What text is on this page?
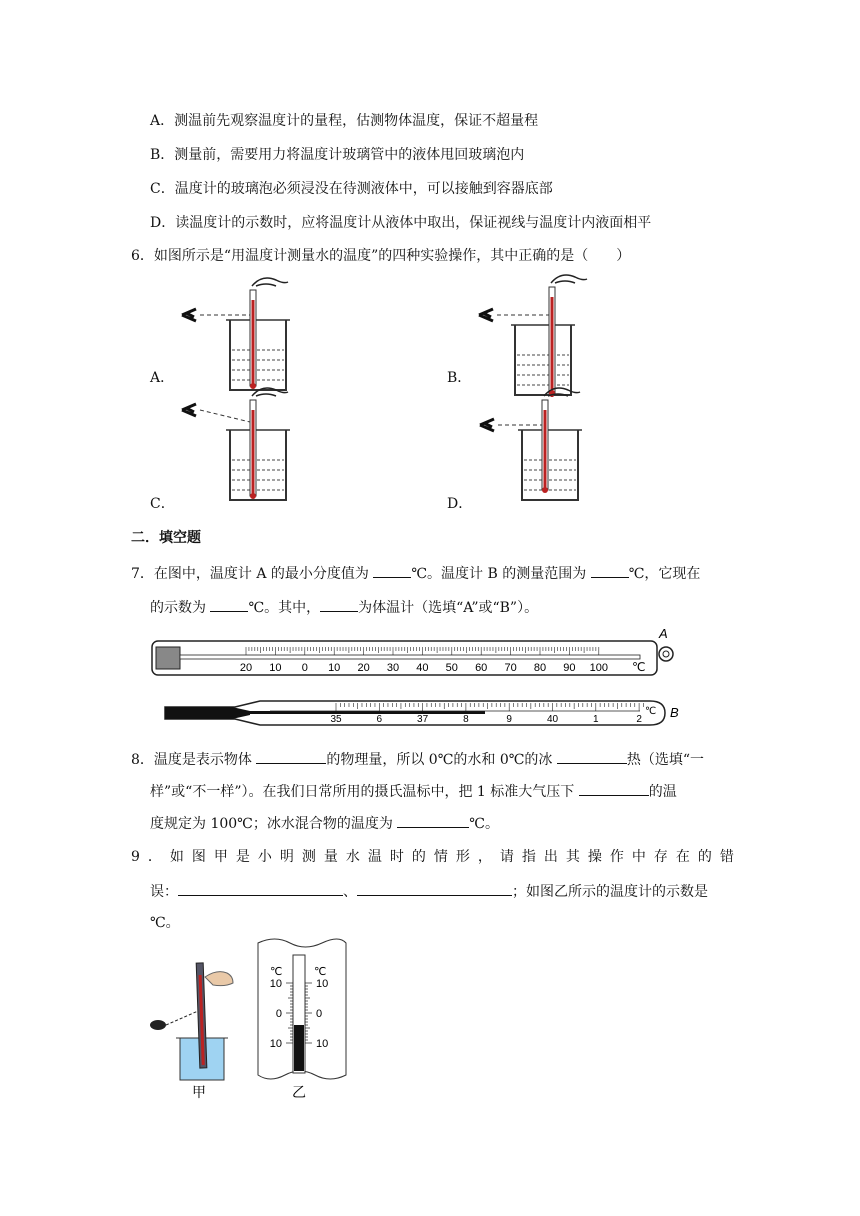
A．测温前先观察温度计的量程，估测物体温度，保证不超量程
B．测量前，需要用力将温度计玻璃管中的液体甩回玻璃泡内
C．温度计的玻璃泡必须浸没在待测液体中，可以接触到容器底部
D．读温度计的示数时，应将温度计从液体中取出，保证视线与温度计内液面相平
6．如图所示是“用温度计测量水的温度”的四种实验操作，其中正确的是（　　）
A．	B．
C．	D．
二．填空题
7．在图中，温度计 A 的最小分度值为	℃。温度计 B 的测量范围为	℃，它现在
的示数为	℃。其中，	为体温计（选填“A”或“B”）。
20 10 0 10 20 30 40 50 60 70 80 90 100 ℃
A
35	6	37	8	9	40	1	2
℃ B
8．温度是表示物体	的物理量，所以 0℃的水和 0℃的冰	热（选填“一
样”或“不一样”）。在我们日常所用的摄氏温标中，把 1 标准大气压下	的温
度规定为 100℃；冰水混合物的温度为	℃。
9．如图甲是小明测量水温时的情形，请指出其操作中存在的错
误：	、	；如图乙所示的温度计的示数是
℃。
甲
10	10
0	0
10	10
℃	℃
乙
